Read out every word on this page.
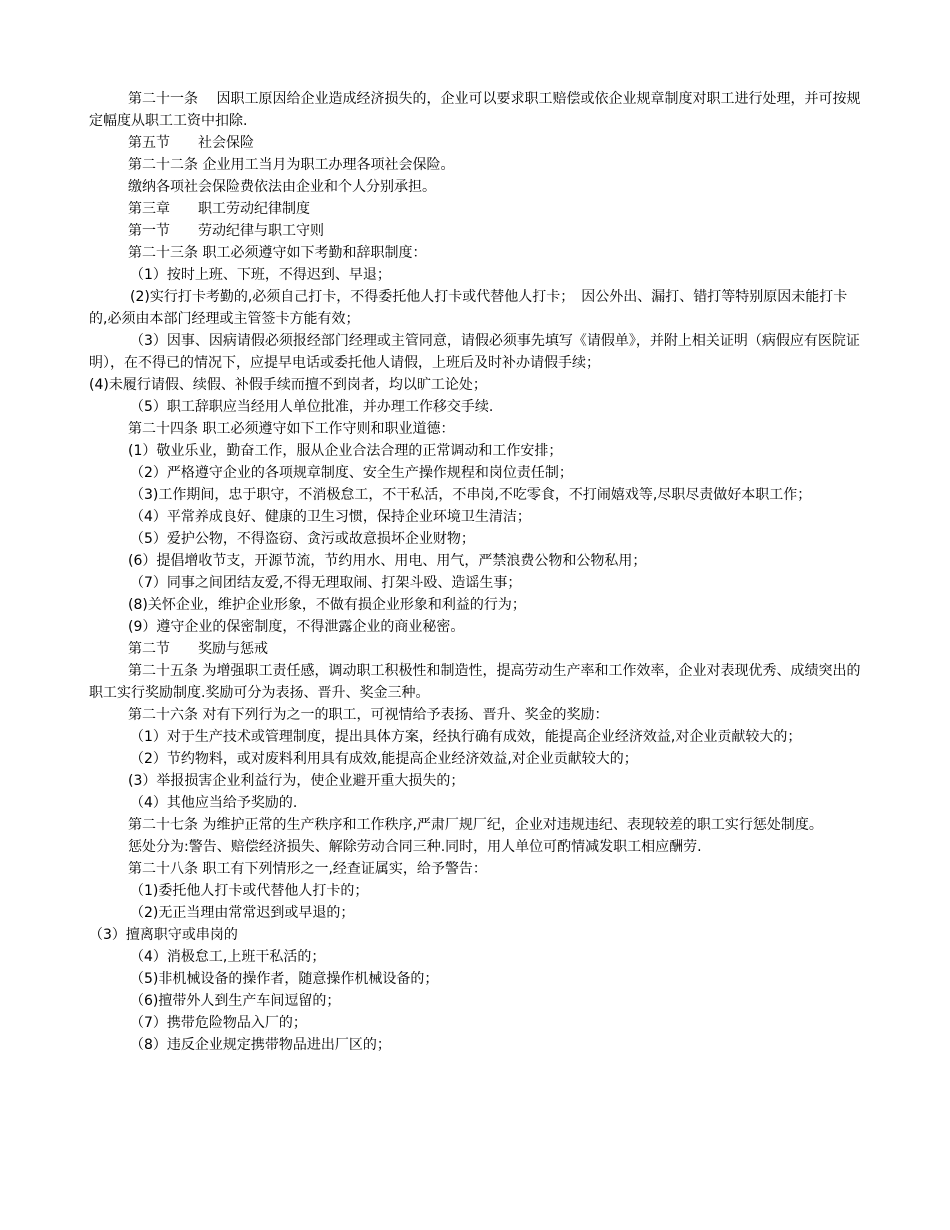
第二十一条　 因职工原因给企业造成经济损失的，企业可以要求职工赔偿或依企业规章制度对职工进行处理，并可按规定幅度从职工工资中扣除.

第五节　　社会保险

第二十二条 企业用工当月为职工办理各项社会保险。

缴纳各项社会保险费依法由企业和个人分别承担。

第三章　　职工劳动纪律制度

第一节　　劳动纪律与职工守则

第二十三条 职工必须遵守如下考勤和辞职制度：

（1）按时上班、下班，不得迟到、早退；

(2)实行打卡考勤的,必须自己打卡，不得委托他人打卡或代替他人打卡；　因公外出、漏打、错打等特别原因未能打卡的,必须由本部门经理或主管签卡方能有效；

（3）因事、因病请假必须报经部门经理或主管同意，请假必须事先填写《请假单》，并附上相关证明（病假应有医院证明），在不得已的情况下，应提早电话或委托他人请假，上班后及时补办请假手续；

(4)未履行请假、续假、补假手续而擅不到岗者，均以旷工论处；

（5）职工辞职应当经用人单位批准，并办理工作移交手续.

第二十四条 职工必须遵守如下工作守则和职业道德：

(1）敬业乐业，勤奋工作，服从企业合法合理的正常调动和工作安排；

（2）严格遵守企业的各项规章制度、安全生产操作规程和岗位责任制；

（3)工作期间，忠于职守，不消极怠工，不干私活，不串岗,不吃零食，不打闹嬉戏等,尽职尽责做好本职工作；

（4）平常养成良好、健康的卫生习惯，保持企业环境卫生清洁；

（5）爱护公物，不得盗窃、贪污或故意损坏企业财物；

(6）提倡增收节支，开源节流，节约用水、用电、用气，严禁浪费公物和公物私用；

（7）同事之间团结友爱,不得无理取闹、打架斗殴、造谣生事；

(8)关怀企业，维护企业形象，不做有损企业形象和利益的行为；

(9）遵守企业的保密制度，不得泄露企业的商业秘密。

第二节　　奖励与惩戒

第二十五条 为增强职工责任感，调动职工积极性和制造性，提高劳动生产率和工作效率，企业对表现优秀、成绩突出的职工实行奖励制度.奖励可分为表扬、晋升、奖金三种。

第二十六条 对有下列行为之一的职工，可视情给予表扬、晋升、奖金的奖励：

（1）对于生产技术或管理制度，提出具体方案，经执行确有成效，能提高企业经济效益,对企业贡献较大的；

（2）节约物料，或对废料利用具有成效,能提高企业经济效益,对企业贡献较大的；

(3）举报损害企业利益行为，使企业避开重大损失的；

（4）其他应当给予奖励的.

第二十七条 为维护正常的生产秩序和工作秩序,严肃厂规厂纪，企业对违规违纪、表现较差的职工实行惩处制度。

惩处分为:警告、赔偿经济损失、解除劳动合同三种.同时，用人单位可酌情减发职工相应酬劳.

第二十八条 职工有下列情形之一,经查证属实，给予警告：

（1)委托他人打卡或代替他人打卡的；

（2)无正当理由常常迟到或早退的；

（3）擅离职守或串岗的

（4）消极怠工,上班干私活的；

（5)非机械设备的操作者，随意操作机械设备的；

（6)擅带外人到生产车间逗留的；

（7）携带危险物品入厂的；

（8）违反企业规定携带物品进出厂区的；
